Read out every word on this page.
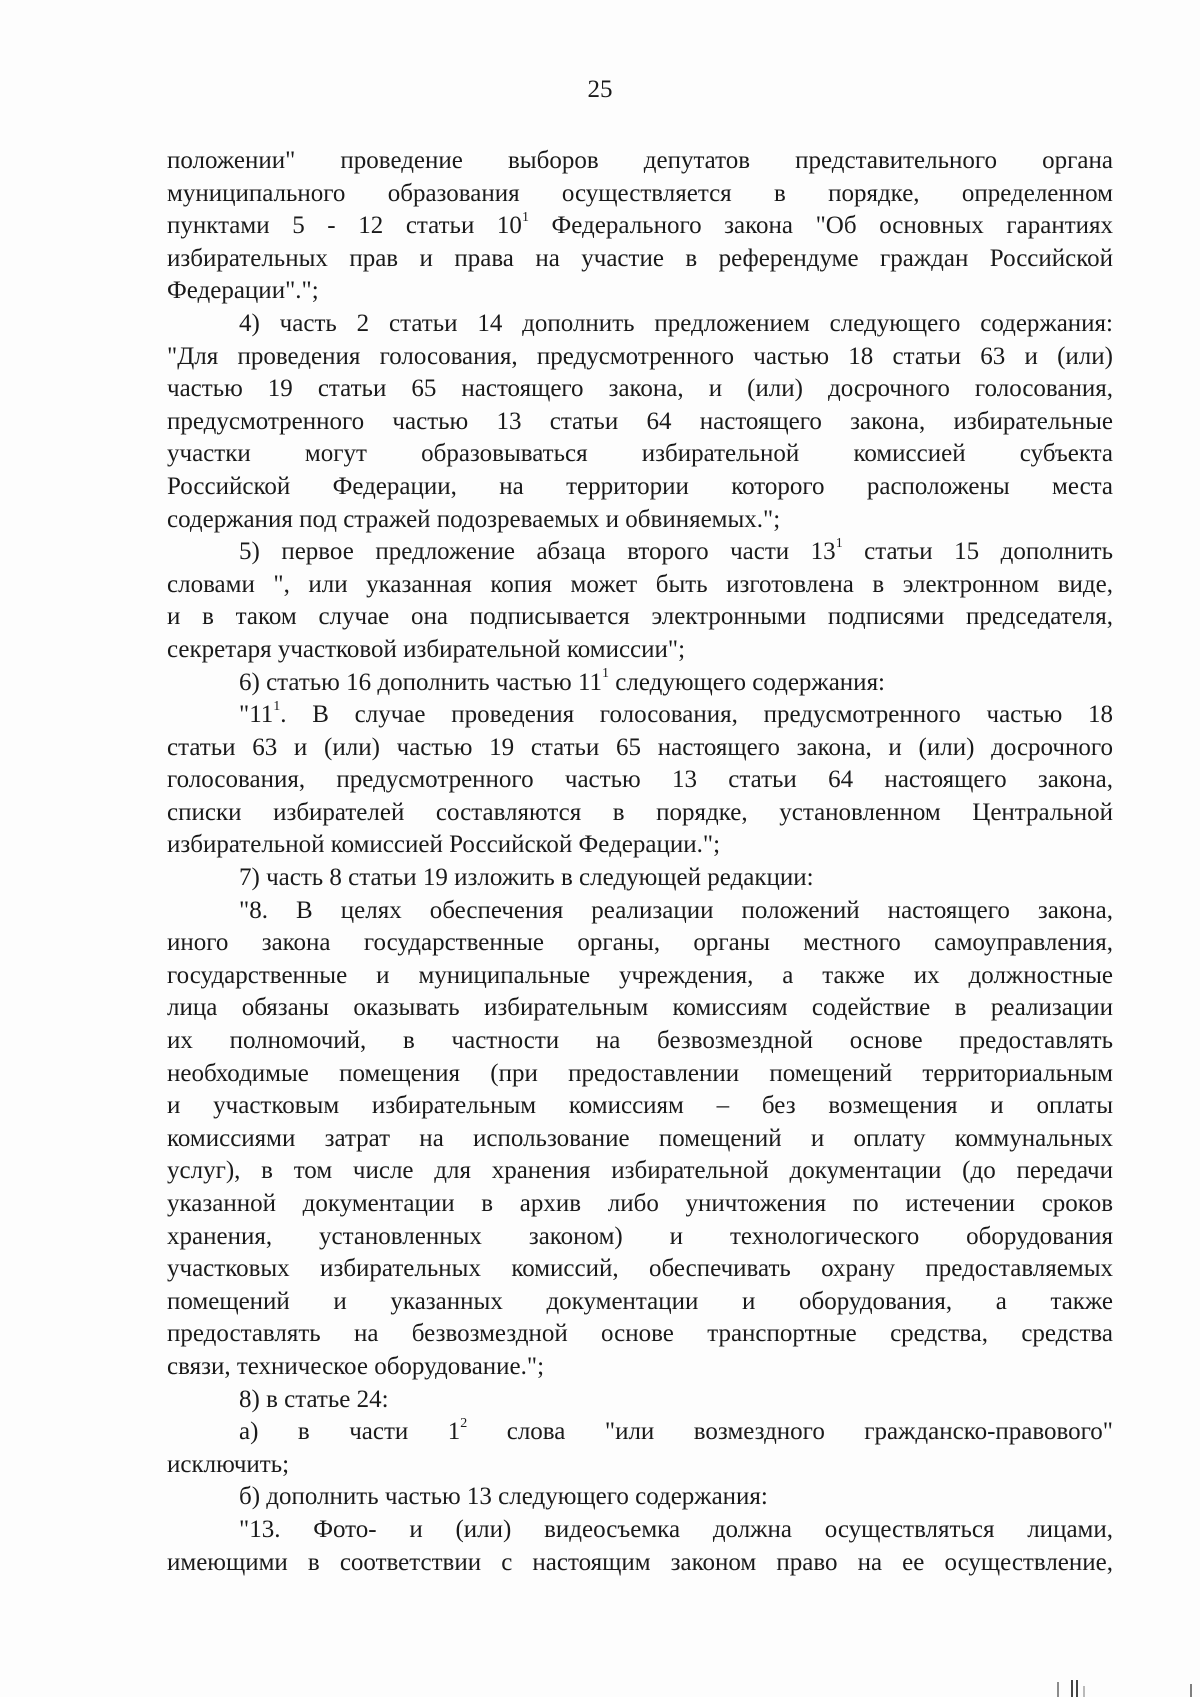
25

положении" проведение выборов депутатов представительного органа
муниципального образования осуществляется в порядке, определенном
пунктами 5 - 12 статьи $10^1$ Федерального закона "Об основных гарантиях
избирательных прав и права на участие в референдуме граждан Российской
Федерации".";

4) часть 2 статьи 14 дополнить предложением следующего содержания:
"Для проведения голосования, предусмотренного частью 18 статьи 63 и (или)
частью 19 статьи 65 настоящего закона, и (или) досрочного голосования,
предусмотренного частью 13 статьи 64 настоящего закона, избирательные
участки могут образовываться избирательной комиссией субъекта
Российской Федерации, на территории которого расположены места
содержания под стражей подозреваемых и обвиняемых.";

5) первое предложение абзаца второго части $13^1$ статьи 15 дополнить
словами ", или указанная копия может быть изготовлена в электронном виде,
и в таком случае она подписывается электронными подписями председателя,
секретаря участковой избирательной комиссии";

6) статью 16 дополнить частью $11^1$ следующего содержания:

"$11^1$. В случае проведения голосования, предусмотренного частью 18
статьи 63 и (или) частью 19 статьи 65 настоящего закона, и (или) досрочного
голосования, предусмотренного частью 13 статьи 64 настоящего закона,
списки избирателей составляются в порядке, установленном Центральной
избирательной комиссией Российской Федерации.";

7) часть 8 статьи 19 изложить в следующей редакции:

"8. В целях обеспечения реализации положений настоящего закона,
иного закона государственные органы, органы местного самоуправления,
государственные и муниципальные учреждения, а также их должностные
лица обязаны оказывать избирательным комиссиям содействие в реализации
их полномочий, в частности на безвозмездной основе предоставлять
необходимые помещения (при предоставлении помещений территориальным
и участковым избирательным комиссиям – без возмещения и оплаты
комиссиями затрат на использование помещений и оплату коммунальных
услуг), в том числе для хранения избирательной документации (до передачи
указанной документации в архив либо уничтожения по истечении сроков
хранения, установленных законом) и технологического оборудования
участковых избирательных комиссий, обеспечивать охрану предоставляемых
помещений и указанных документации и оборудования, а также
предоставлять на безвозмездной основе транспортные средства, средства
связи, техническое оборудование.";

8) в статье 24:

а) в части $1^2$ слова "или возмездного гражданско-правового"
исключить;

б) дополнить частью 13 следующего содержания:

"13. Фото- и (или) видеосъемка должна осуществляться лицами,
имеющими в соответствии с настоящим законом право на ее осуществление,
